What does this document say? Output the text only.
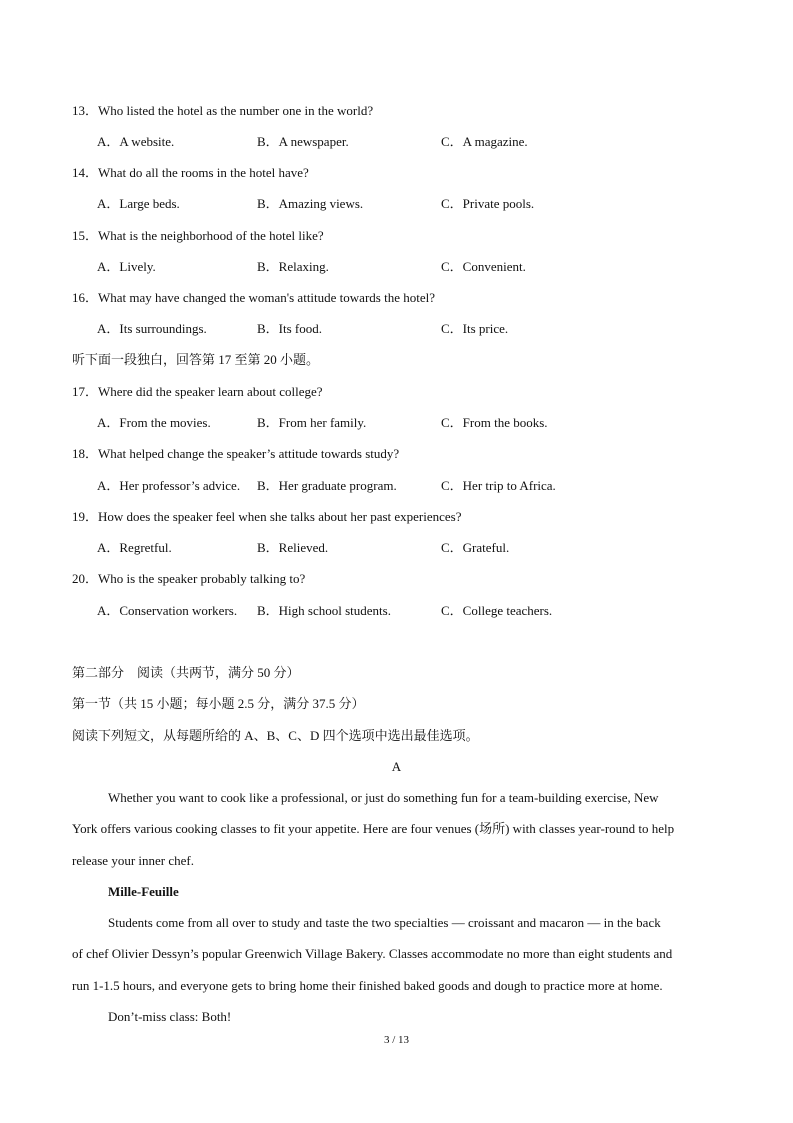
13．Who listed the hotel as the number one in the world?
A．A website.	B．A newspaper.	C．A magazine.
14．What do all the rooms in the hotel have?
A．Large beds.	B．Amazing views.	C．Private pools.
15．What is the neighborhood of the hotel like?
A．Lively.	B．Relaxing.	C．Convenient.
16．What may have changed the woman's attitude towards the hotel?
A．Its surroundings.	B．Its food.	C．Its price.
听下面一段独白，回答第 17 至第 20 小题。
17．Where did the speaker learn about college?
A．From the movies.	B．From her family.	C．From the books.
18．What helped change the speaker’s attitude towards study?
A．Her professor’s advice. B．Her graduate program.	C．Her trip to Africa.
19．How does the speaker feel when she talks about her past experiences?
A．Regretful.	B．Relieved.	C．Grateful.
20．Who is the speaker probably talking to?
A．Conservation workers. B．High school students.	C．College teachers.
第二部分　阅读（共两节，满分 50 分）
第一节（共 15 小题；每小题 2.5 分，满分 37.5 分）
阅读下列短文，从每题所给的 A、B、C、D 四个选项中选出最佳选项。
A
Whether you want to cook like a professional, or just do something fun for a team-building exercise, New
York offers various cooking classes to fit your appetite. Here are four venues (场所) with classes year-round to help
release your inner chef.
Mille-Feuille
Students come from all over to study and taste the two specialties — croissant and macaron — in the back
of chef Olivier Dessyn’s popular Greenwich Village Bakery. Classes accommodate no more than eight students and
run 1-1.5 hours, and everyone gets to bring home their finished baked goods and dough to practice more at home.
Don’t-miss class: Both!
3 / 13
